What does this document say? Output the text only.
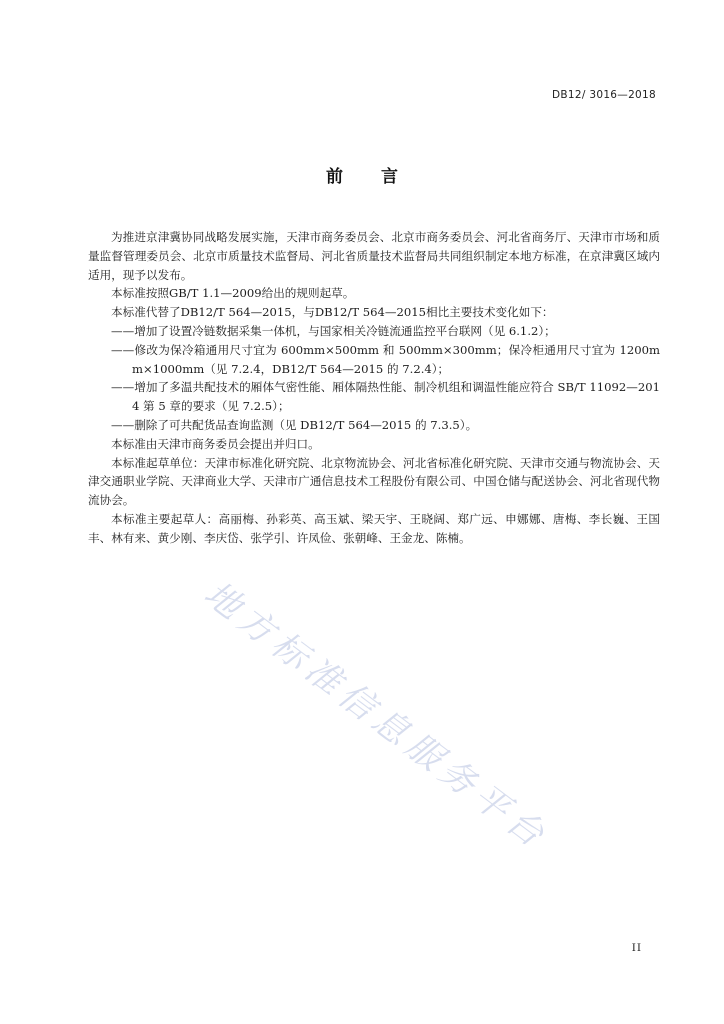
DB12/ 3016—2018
前 言

为推进京津冀协同战略发展实施，天津市商务委员会、北京市商务委员会、河北省商务厅、天津市市场和质量监督管理委员会、北京市质量技术监督局、河北省质量技术监督局共同组织制定本地方标准，在京津冀区域内适用，现予以发布。

本标准按照GB/T 1.1—2009给出的规则起草。

本标准代替了DB12/T 564—2015，与DB12/T 564—2015相比主要技术变化如下：

——增加了设置冷链数据采集一体机，与国家相关冷链流通监控平台联网（见 6.1.2）；

——修改为保冷箱通用尺寸宜为 600mm×500mm 和 500mm×300mm；保冷柜通用尺寸宜为 1200mm×1000mm（见 7.2.4，DB12/T 564—2015 的 7.2.4）；

——增加了多温共配技术的厢体气密性能、厢体隔热性能、制冷机组和调温性能应符合 SB/T 11092—2014 第 5 章的要求（见 7.2.5）；

——删除了可共配货品查询监测（见 DB12/T 564—2015 的 7.3.5）。

本标准由天津市商务委员会提出并归口。

本标准起草单位：天津市标准化研究院、北京物流协会、河北省标准化研究院、天津市交通与物流协会、天津交通职业学院、天津商业大学、天津市广通信息技术工程股份有限公司、中国仓储与配送协会、河北省现代物流协会。

本标准主要起草人：高丽梅、孙彩英、高玉斌、梁天宇、王晓阔、郑广远、申娜娜、唐梅、李长巍、王国丰、林有来、黄少刚、李庆岱、张学引、许凤俭、张朝峰、王金龙、陈楠。

地方标准信息服务平台
II
